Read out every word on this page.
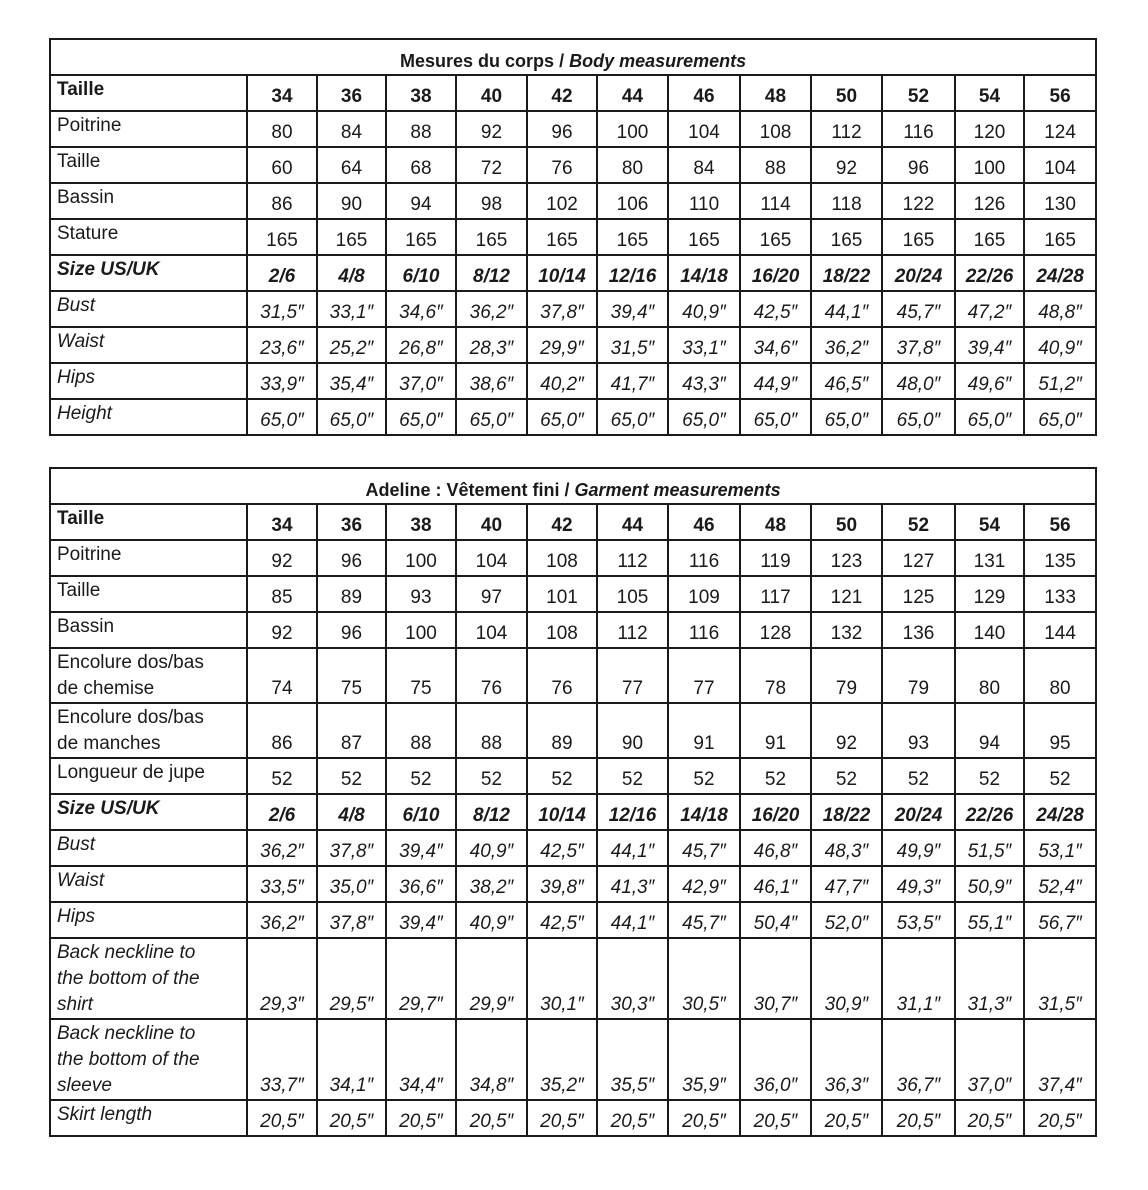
Mesures du corps / Body measurements												
Taille	34	36	38	40	42	44	46	48	50	52	54	56
Poitrine	80	84	88	92	96	100	104	108	112	116	120	124
Taille	60	64	68	72	76	80	84	88	92	96	100	104
Bassin	86	90	94	98	102	106	110	114	118	122	126	130
Stature	165	165	165	165	165	165	165	165	165	165	165	165
Size US/UK	2/6	4/8	6/10	8/12	10/14	12/16	14/18	16/20	18/22	20/24	22/26	24/28
Bust	31,5″	33,1″	34,6″	36,2″	37,8″	39,4″	40,9″	42,5″	44,1″	45,7″	47,2″	48,8″
Waist	23,6″	25,2″	26,8″	28,3″	29,9″	31,5″	33,1″	34,6″	36,2″	37,8″	39,4″	40,9″
Hips	33,9″	35,4″	37,0″	38,6″	40,2″	41,7″	43,3″	44,9″	46,5″	48,0″	49,6″	51,2″
Height	65,0″	65,0″	65,0″	65,0″	65,0″	65,0″	65,0″	65,0″	65,0″	65,0″	65,0″	65,0″
Adeline : Vêtement fini / Garment measurements												
Taille	34	36	38	40	42	44	46	48	50	52	54	56
Poitrine	92	96	100	104	108	112	116	119	123	127	131	135
Taille	85	89	93	97	101	105	109	117	121	125	129	133
Bassin	92	96	100	104	108	112	116	128	132	136	140	144
Encolure dos/bas
de chemise	74	75	75	76	76	77	77	78	79	79	80	80
Encolure dos/bas
de manches	86	87	88	88	89	90	91	91	92	93	94	95
Longueur de jupe	52	52	52	52	52	52	52	52	52	52	52	52
Size US/UK	2/6	4/8	6/10	8/12	10/14	12/16	14/18	16/20	18/22	20/24	22/26	24/28
Bust	36,2″	37,8″	39,4″	40,9″	42,5″	44,1″	45,7″	46,8″	48,3″	49,9″	51,5″	53,1″
Waist	33,5″	35,0″	36,6″	38,2″	39,8″	41,3″	42,9″	46,1″	47,7″	49,3″	50,9″	52,4″
Hips	36,2″	37,8″	39,4″	40,9″	42,5″	44,1″	45,7″	50,4″	52,0″	53,5″	55,1″	56,7″
Back neckline to
the bottom of the
shirt	29,3″	29,5″	29,7″	29,9″	30,1″	30,3″	30,5″	30,7″	30,9″	31,1″	31,3″	31,5″
Back neckline to
the bottom of the
sleeve	33,7″	34,1″	34,4″	34,8″	35,2″	35,5″	35,9″	36,0″	36,3″	36,7″	37,0″	37,4″
Skirt length	20,5″	20,5″	20,5″	20,5″	20,5″	20,5″	20,5″	20,5″	20,5″	20,5″	20,5″	20,5″
